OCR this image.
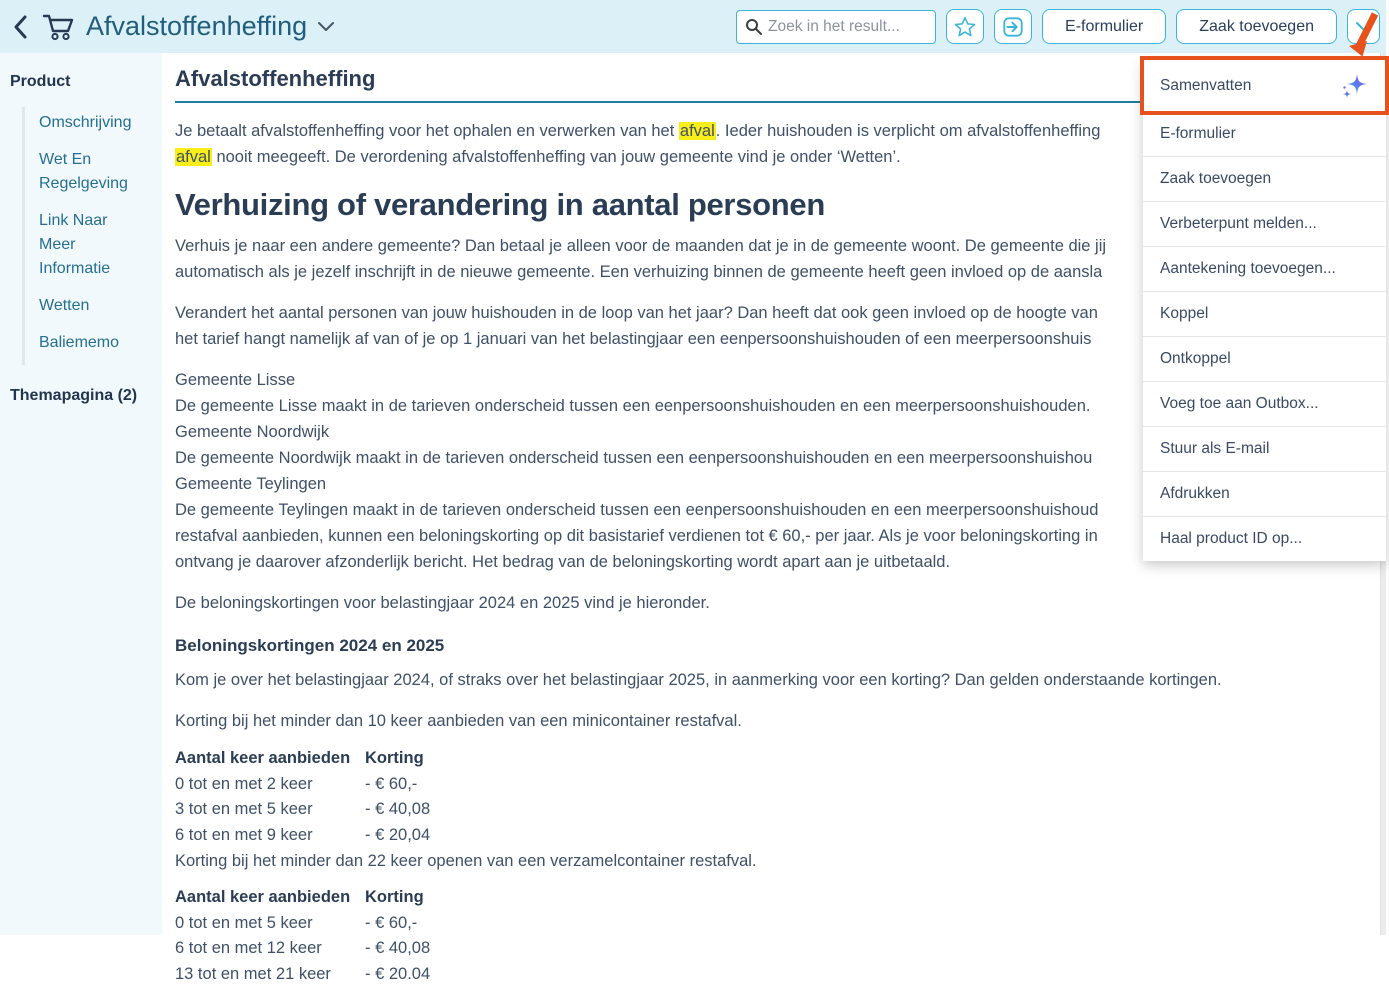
Afvalstoffenheffing
Zoek in het result...	E-formulier	Zaak toevoegen
Product
Omschrijving
Wet En Regelgeving
Link Naar Meer Informatie
Wetten
Baliememo
Themapagina (2)
Afvalstoffenheffing
Je betaalt afvalstoffenheffing voor het ophalen en verwerken van het afval. Ieder huishouden is verplicht om afvalstoffenheffing
afval nooit meegeeft. De verordening afvalstoffenheffing van jouw gemeente vind je onder ‘Wetten’.
Verhuizing of verandering in aantal personen
Verhuis je naar een andere gemeente? Dan betaal je alleen voor de maanden dat je in de gemeente woont. De gemeente die jij
automatisch als je jezelf inschrijft in de nieuwe gemeente. Een verhuizing binnen de gemeente heeft geen invloed op de aansla
Verandert het aantal personen van jouw huishouden in de loop van het jaar? Dan heeft dat ook geen invloed op de hoogte van
het tarief hangt namelijk af van of je op 1 januari van het belastingjaar een eenpersoonshuishouden of een meerpersoonshuis
Gemeente Lisse
De gemeente Lisse maakt in de tarieven onderscheid tussen een eenpersoonshuishouden en een meerpersoonshuishouden.
Gemeente Noordwijk
De gemeente Noordwijk maakt in de tarieven onderscheid tussen een eenpersoonshuishouden en een meerpersoonshuishou
Gemeente Teylingen
De gemeente Teylingen maakt in de tarieven onderscheid tussen een eenpersoonshuishouden en een meerpersoonshuishoud
restafval aanbieden, kunnen een beloningskorting op dit basistarief verdienen tot € 60,- per jaar. Als je voor beloningskorting in
ontvang je daarover afzonderlijk bericht. Het bedrag van de beloningskorting wordt apart aan je uitbetaald.
De beloningskortingen voor belastingjaar 2024 en 2025 vind je hieronder.
Beloningskortingen 2024 en 2025
Kom je over het belastingjaar 2024, of straks over het belastingjaar 2025, in aanmerking voor een korting? Dan gelden onderstaande kortingen.
Korting bij het minder dan 10 keer aanbieden van een minicontainer restafval.
Aantal keer aanbieden Korting
0 tot en met 2 keer	- € 60,-
3 tot en met 5 keer	- € 40,08
6 tot en met 9 keer	- € 20,04
Korting bij het minder dan 22 keer openen van een verzamelcontainer restafval.
Aantal keer aanbieden Korting
0 tot en met 5 keer	- € 60,-
6 tot en met 12 keer	- € 40,08
13 tot en met 21 keer	- € 20.04
Samenvatten
E-formulier
Zaak toevoegen
Verbeterpunt melden...
Aantekening toevoegen...
Koppel
Ontkoppel
Voeg toe aan Outbox...
Stuur als E-mail
Afdrukken
Haal product ID op...
